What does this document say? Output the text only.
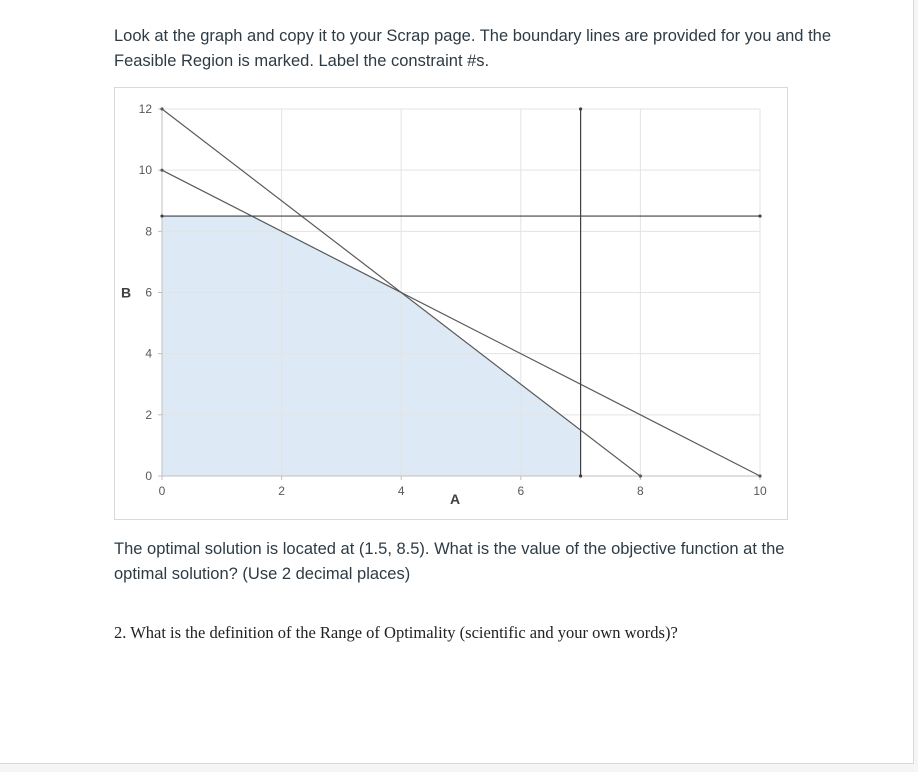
Look at the graph and copy it to your Scrap page. The boundary lines are provided for you and the Feasible Region is marked. Label the constraint #s.

0
2
4
6
8
10
12
0	2	4	6	8	10
A
B

The optimal solution is located at (1.5, 8.5). What is the value of the objective function at the optimal solution? (Use 2 decimal places)

2. What is the definition of the Range of Optimality (scientific and your own words)?
